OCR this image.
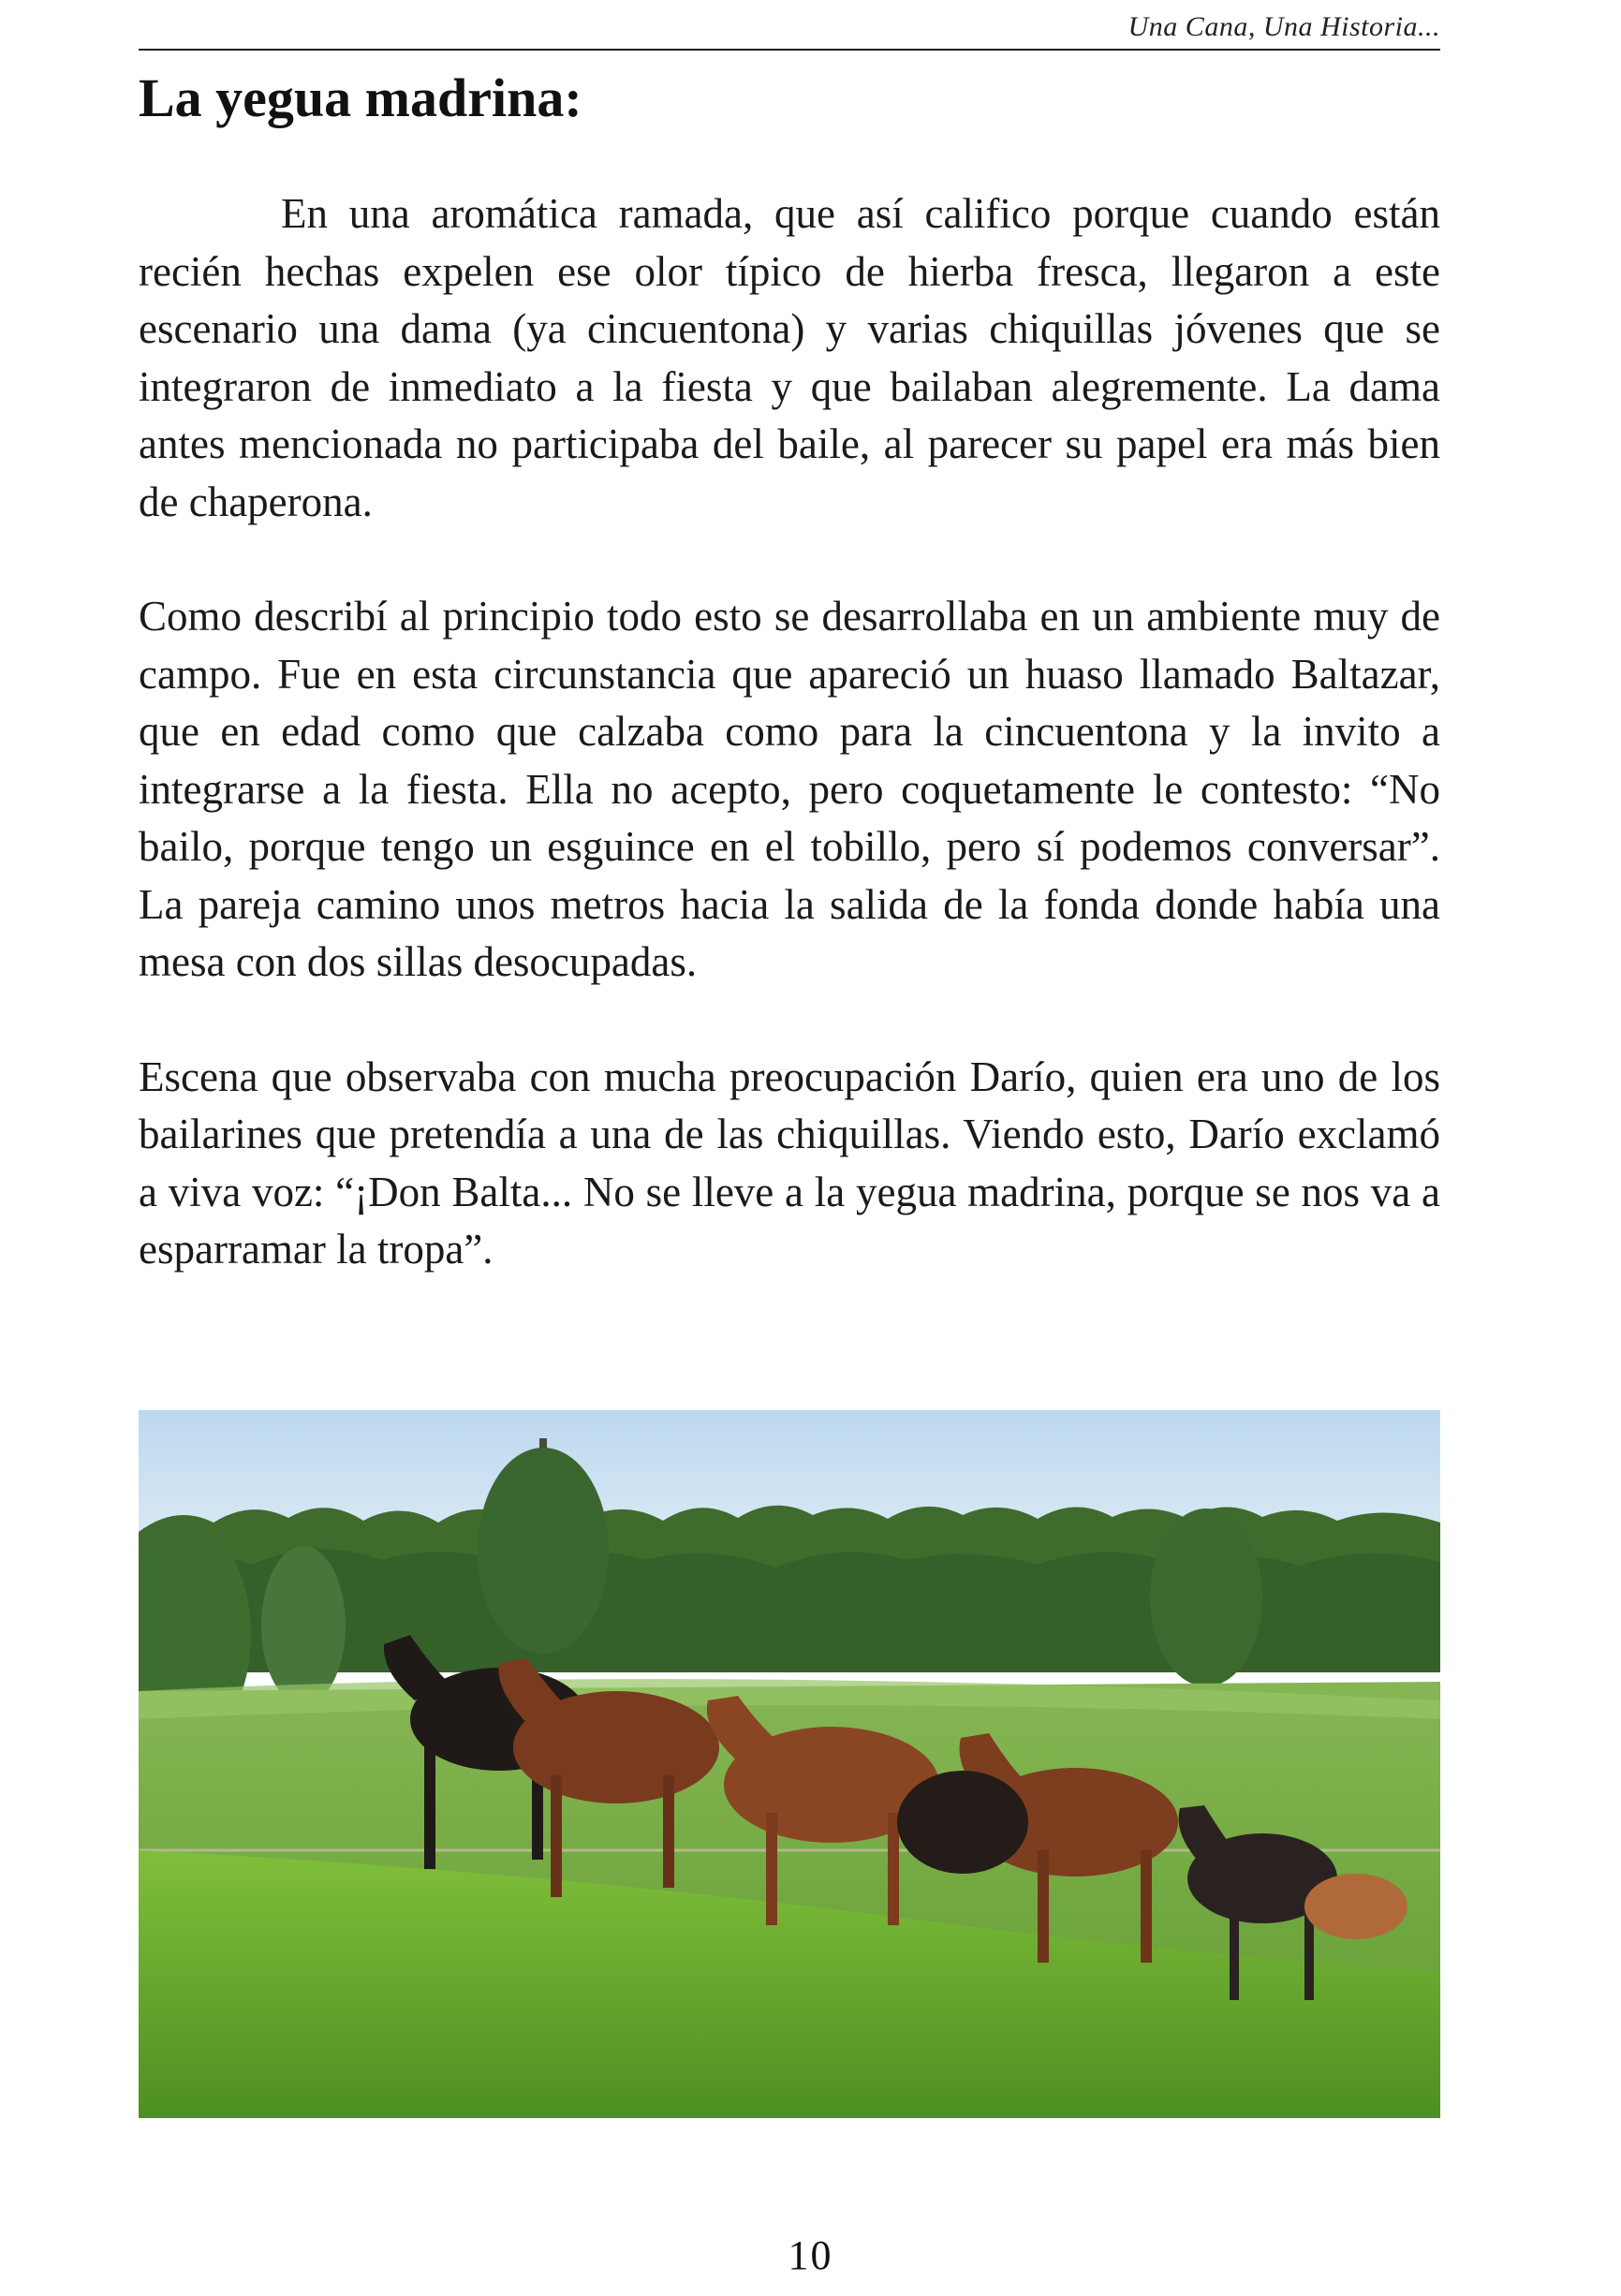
Una Cana, Una Historia...
La yegua madrina:

En una aromática ramada, que así califico porque cuando están recién hechas expelen ese olor típico de hierba fresca, llegaron a este escenario una dama (ya cincuentona) y varias chiquillas jóvenes que se integraron de inmediato a la fiesta y que bailaban alegremente. La dama antes mencionada no participaba del baile, al parecer su papel era más bien de chaperona.

Como describí al principio todo esto se desarrollaba en un ambiente muy de campo. Fue en esta circunstancia que apareció un huaso llamado Baltazar, que en edad como que calzaba como para la cincuentona y la invito a integrarse a la fiesta. Ella no acepto, pero coquetamente le contesto: “No bailo, porque tengo un esguince en el tobillo, pero sí podemos conversar”. La pareja camino unos metros hacia la salida de la fonda donde había una mesa con dos sillas desocupadas.

Escena que observaba con mucha preocupación Darío, quien era uno de los bailarines que pretendía a una de las chiquillas. Viendo esto, Darío exclamó a viva voz: “¡Don Balta... No se lleve a la yegua madrina, porque se nos va a esparramar la tropa”.

10
